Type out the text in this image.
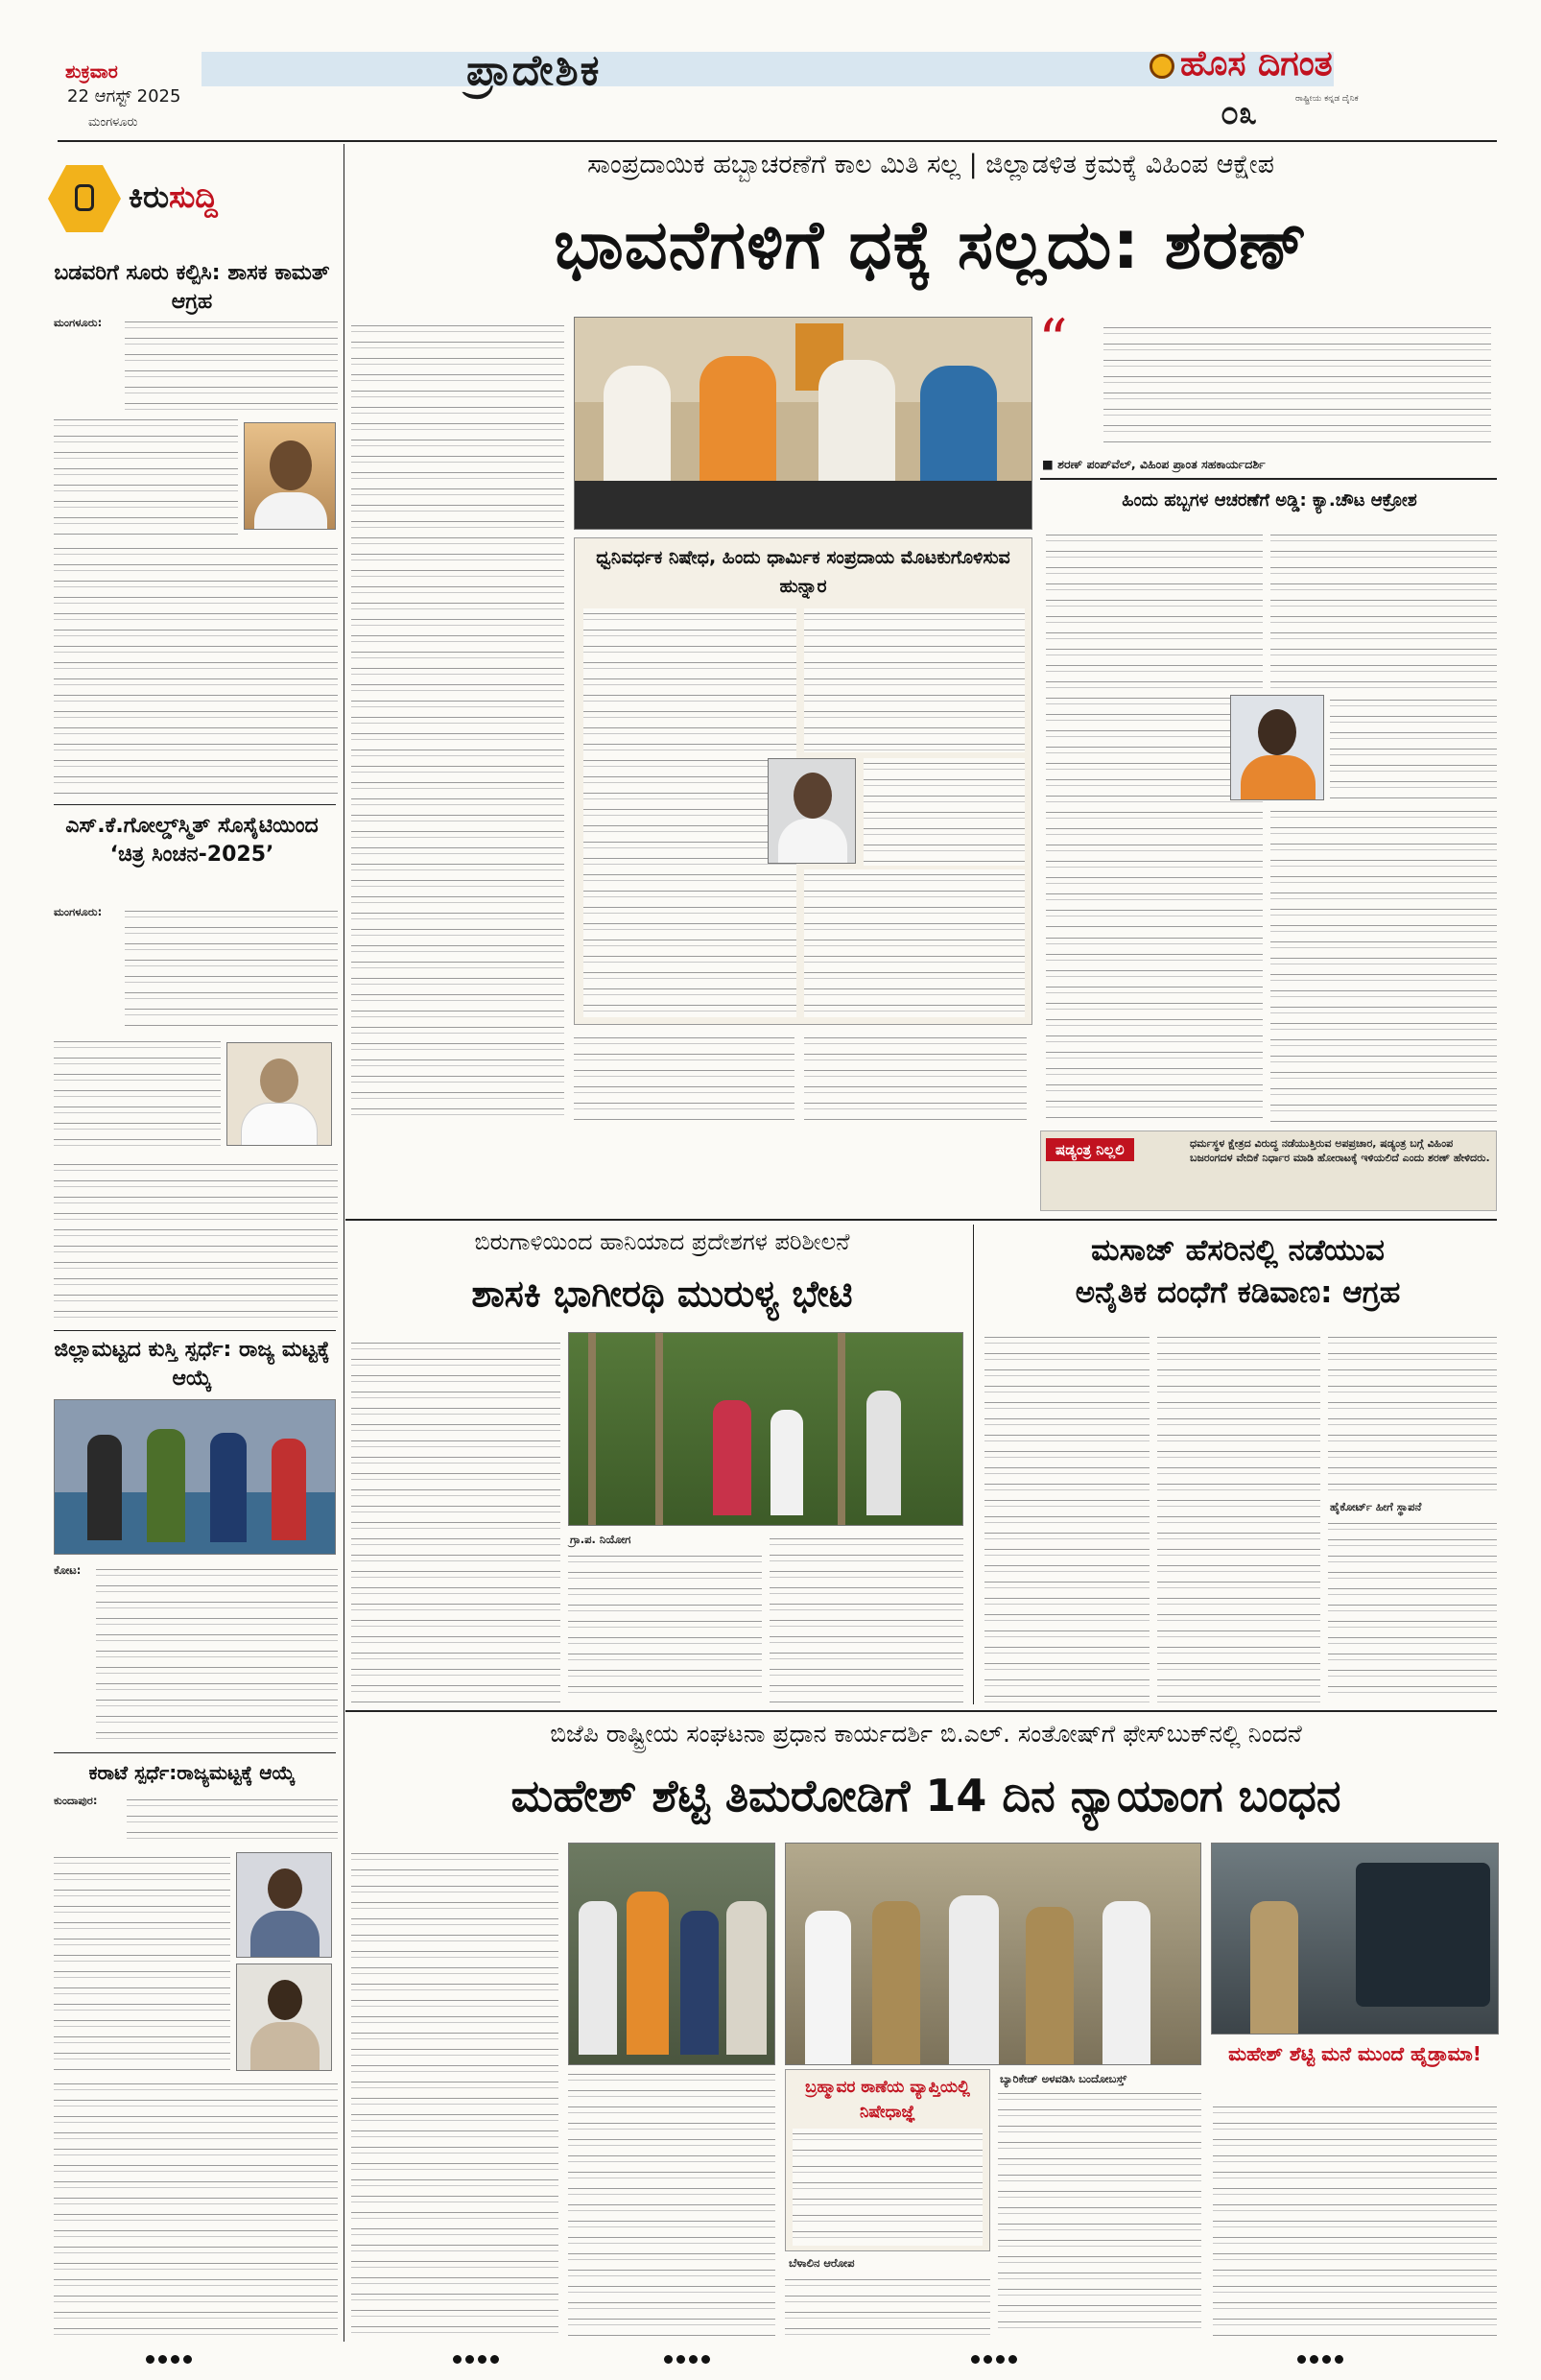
ಶುಕ್ರವಾರ
22 ಆಗಸ್ಟ್ 2025
ಮಂಗಳೂರು
ಪ್ರಾದೇಶಿಕ	ಹೊಸ ದಿಗಂತ
ರಾಷ್ಟ್ರೀಯ ಕನ್ನಡ ದೈನಿಕ
೦೩
ಕಿರುಸುದ್ದಿ
ಬಡವರಿಗೆ ಸೂರು ಕಲ್ಪಿಸಿ: ಶಾಸಕ ಕಾಮತ್ ಆಗ್ರಹ
ಮಂಗಳೂರು:
ಎಸ್.ಕೆ.ಗೋಲ್ಡ್‌ಸ್ಮಿತ್ ಸೊಸೈಟಿಯಿಂದ ‘ಚಿತ್ರ ಸಿಂಚನ-2025’
ಮಂಗಳೂರು:
ಜಿಲ್ಲಾಮಟ್ಟದ ಕುಸ್ತಿ ಸ್ಪರ್ಧೆ: ರಾಜ್ಯ ಮಟ್ಟಕ್ಕೆ ಆಯ್ಕೆ
ಕೋಟ:
ಕರಾಟೆ ಸ್ಪರ್ಧೆ:ರಾಜ್ಯಮಟ್ಟಕ್ಕೆ ಆಯ್ಕೆ
ಕುಂದಾಪುರ:
ಸಾಂಪ್ರದಾಯಿಕ ಹಬ್ಬಾಚರಣೆಗೆ ಕಾಲ ಮಿತಿ ಸಲ್ಲ | ಜಿಲ್ಲಾಡಳಿತ ಕ್ರಮಕ್ಕೆ ವಿಹಿಂಪ ಆಕ್ಷೇಪ
ಭಾವನೆಗಳಿಗೆ ಧಕ್ಕೆ ಸಲ್ಲದು: ಶರಣ್
ಧ್ವನಿವರ್ಧಕ ನಿಷೇಧ, ಹಿಂದು ಧಾರ್ಮಿಕ ಸಂಪ್ರದಾಯ ಮೊಟಕುಗೊಳಿಸುವ ಹುನ್ನಾರ
“
■ ಶರಣ್ ಪಂಪ್‌ವೆಲ್, ವಿಹಿಂಪ ಪ್ರಾಂತ ಸಹಕಾರ್ಯದರ್ಶಿ
ಹಿಂದು ಹಬ್ಬಗಳ ಆಚರಣೆಗೆ ಅಡ್ಡಿ: ಕ್ಯಾ.ಚೌಟ ಆಕ್ರೋಶ
ಷಡ್ಯಂತ್ರ ನಿಲ್ಲಲಿ	ಧರ್ಮಸ್ಥಳ ಕ್ಷೇತ್ರದ ವಿರುದ್ಧ ನಡೆಯುತ್ತಿರುವ ಅಪಪ್ರಚಾರ, ಷಡ್ಯಂತ್ರ ಬಗ್ಗೆ ವಿಹಿಂಪ ಬಜರಂಗದಳ ವೇದಿಕೆ ನಿರ್ಧಾರ ಮಾಡಿ ಹೋರಾಟಕ್ಕೆ ಇಳಿಯಲಿದೆ ಎಂದು ಶರಣ್ ಹೇಳಿದರು.
ಬಿರುಗಾಳಿಯಿಂದ ಹಾನಿಯಾದ ಪ್ರದೇಶಗಳ ಪರಿಶೀಲನೆ
ಶಾಸಕಿ ಭಾಗೀರಥಿ ಮುರುಳ್ಯ ಭೇಟಿ
ಗ್ರಾ.ಪ. ನಿಯೋಗ
ಮಸಾಜ್ ಹೆಸರಿನಲ್ಲಿ ನಡೆಯುವ
ಅನೈತಿಕ ದಂಧೆಗೆ ಕಡಿವಾಣ: ಆಗ್ರಹ
ಹೈಕೋರ್ಟ್ ಹೀಗೆ ಸ್ಥಾಪನೆ
ಬಿಜೆಪಿ ರಾಷ್ಟ್ರೀಯ ಸಂಘಟನಾ ಪ್ರಧಾನ ಕಾರ್ಯದರ್ಶಿ ಬಿ.ಎಲ್. ಸಂತೋಷ್‌ಗೆ ಫೇಸ್‌ಬುಕ್‌ನಲ್ಲಿ ನಿಂದನೆ
ಮಹೇಶ್ ಶೆಟ್ಟಿ ತಿಮರೋಡಿಗೆ 14 ದಿನ ನ್ಯಾಯಾಂಗ ಬಂಧನ
ಬ್ರಹ್ಮಾವರ ಠಾಣೆಯ ವ್ಯಾಪ್ತಿಯಲ್ಲಿ ನಿಷೇಧಾಜ್ಞೆ
ಬೆಳಾಲಿನ ಆರೋಪ
ಬ್ಯಾರಿಕೇಡ್ ಅಳವಡಿಸಿ ಬಂದೋಬಸ್ತ್
ಮಹೇಶ್ ಶೆಟ್ಟಿ ಮನೆ ಮುಂದೆ ಹೈಡ್ರಾಮಾ!
